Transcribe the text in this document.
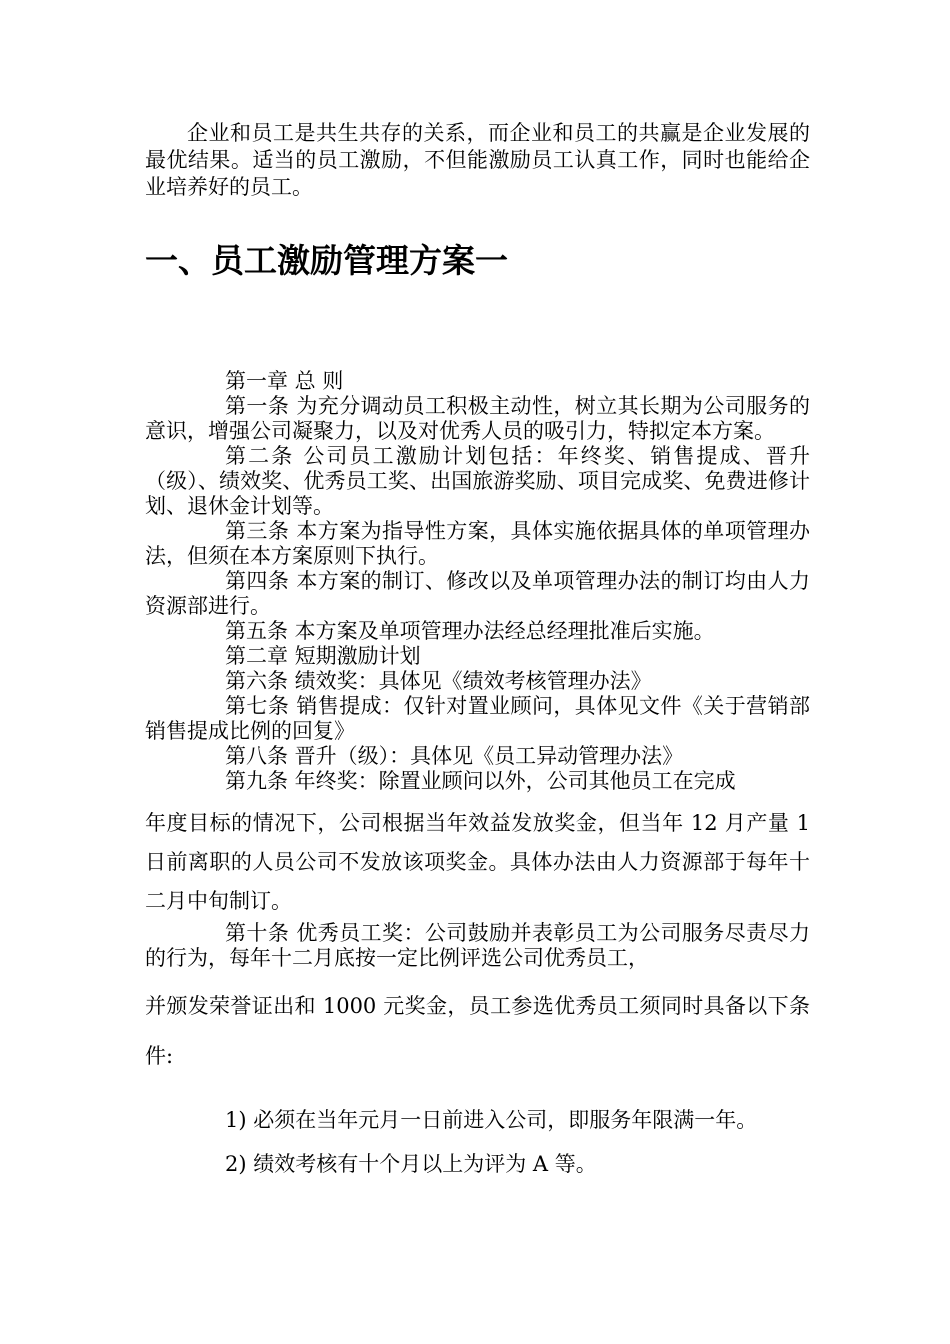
企业和员工是共生共存的关系，而企业和员工的共赢是企业发展的最优结果。适当的员工激励，不但能激励员工认真工作，同时也能给企业培养好的员工。

一、员工激励管理方案一

第一章 总 则

第一条 为充分调动员工积极主动性，树立其长期为公司服务的意识，增强公司凝聚力，以及对优秀人员的吸引力，特拟定本方案。

第二条 公司员工激励计划包括：年终奖、销售提成、晋升（级）、绩效奖、优秀员工奖、出国旅游奖励、项目完成奖、免费进修计划、退休金计划等。

第三条 本方案为指导性方案，具体实施依据具体的单项管理办法，但须在本方案原则下执行。

第四条 本方案的制订、修改以及单项管理办法的制订均由人力资源部进行。

第五条 本方案及单项管理办法经总经理批准后实施。

第二章 短期激励计划

第六条 绩效奖：具体见《绩效考核管理办法》

第七条 销售提成：仅针对置业顾问，具体见文件《关于营销部销售提成比例的回复》

第八条 晋升（级）：具体见《员工异动管理办法》

第九条 年终奖：除置业顾问以外，公司其他员工在完成

年度目标的情况下，公司根据当年效益发放奖金，但当年 12 月产量 1 日前离职的人员公司不发放该项奖金。具体办法由人力资源部于每年十二月中旬制订。

第十条 优秀员工奖：公司鼓励并表彰员工为公司服务尽责尽力的行为，每年十二月底按一定比例评选公司优秀员工，

并颁发荣誉证出和 1000 元奖金，员工参选优秀员工须同时具备以下条件:

1) 必须在当年元月一日前进入公司，即服务年限满一年。

2) 绩效考核有十个月以上为评为 A 等。
